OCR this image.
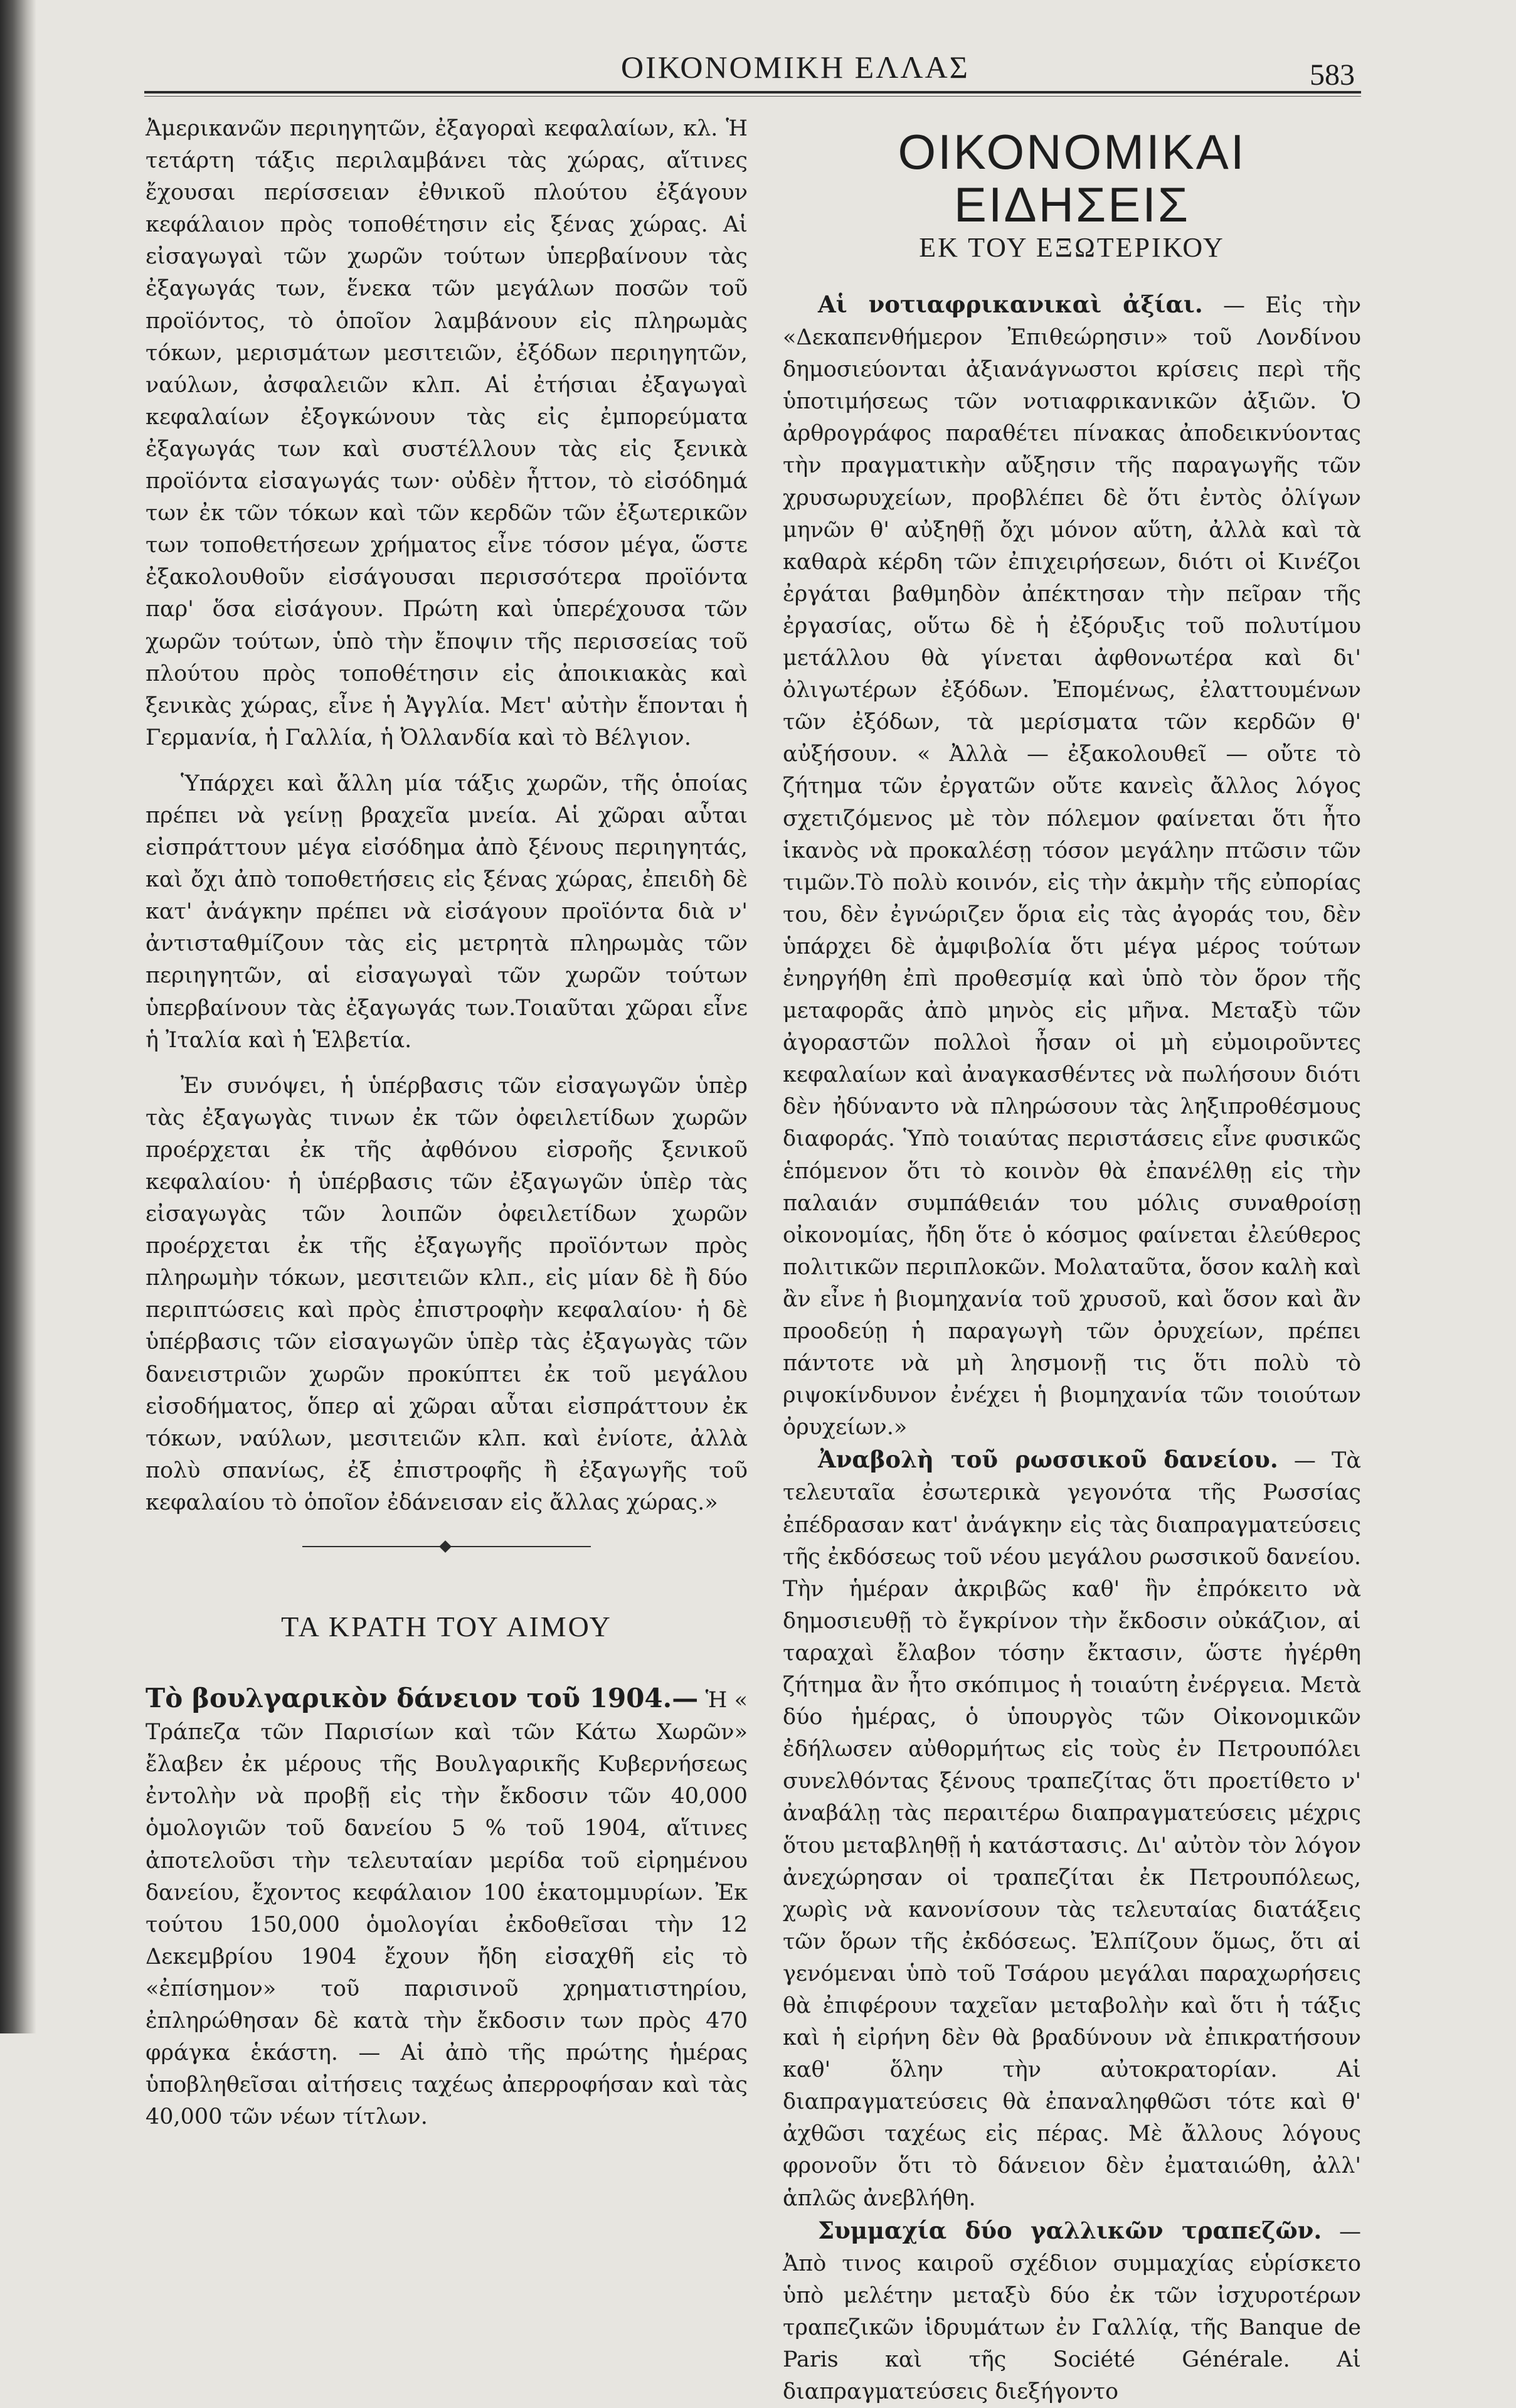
ΟΙΚΟΝΟΜΙΚΗ ΕΛΛΑΣ	583

Ἀμερικανῶν περιηγητῶν, ἐξαγοραὶ κεφαλαίων, κλ. Ἡ τετάρτη τάξις περιλαμβάνει τὰς χώρας, αἵτινες ἔχουσαι περίσσειαν ἐθνικοῦ πλούτου ἐξάγουν κεφάλαιον πρὸς τοποθέτησιν εἰς ξένας χώρας. Αἱ εἰσαγωγαὶ τῶν χωρῶν τούτων ὑπερβαίνουν τὰς ἐξαγωγάς των, ἕνεκα τῶν μεγάλων ποσῶν τοῦ προϊόντος, τὸ ὁποῖον λαμβάνουν εἰς πληρωμὰς τόκων, μερισμάτων μεσιτειῶν, ἐξόδων περιηγητῶν, ναύλων, ἀσφαλειῶν κλπ. Αἱ ἐτήσιαι ἐξαγωγαὶ κεφαλαίων ἐξογκώνουν τὰς εἰς ἐμπορεύματα ἐξαγωγάς των καὶ συστέλλουν τὰς εἰς ξενικὰ προϊόντα εἰσαγωγάς των· οὐδὲν ἧττον, τὸ εἰσόδημά των ἐκ τῶν τόκων καὶ τῶν κερδῶν τῶν ἐξωτερικῶν των τοποθετήσεων χρήματος εἶνε τόσον μέγα, ὥστε ἐξακολουθοῦν εἰσάγουσαι περισσότερα προϊόντα παρ' ὅσα εἰσάγουν. Πρώτη καὶ ὑπερέχουσα τῶν χωρῶν τούτων, ὑπὸ τὴν ἔποψιν τῆς περισσείας τοῦ πλούτου πρὸς τοποθέτησιν εἰς ἀποικιακὰς καὶ ξενικὰς χώρας, εἶνε ἡ Ἀγγλία. Μετ' αὐτὴν ἕπονται ἡ Γερμανία, ἡ Γαλλία, ἡ Ὀλλανδία καὶ τὸ Βέλγιον.

Ὑπάρχει καὶ ἄλλη μία τάξις χωρῶν, τῆς ὁποίας πρέπει νὰ γείνῃ βραχεῖα μνεία. Αἱ χῶραι αὗται εἰσπράττουν μέγα εἰσόδημα ἀπὸ ξένους περιηγητάς, καὶ ὄχι ἀπὸ τοποθετήσεις εἰς ξένας χώρας, ἐπειδὴ δὲ κατ' ἀνάγκην πρέπει νὰ εἰσάγουν προϊόντα διὰ ν' ἀντισταθμίζουν τὰς εἰς μετρητὰ πληρωμὰς τῶν περιηγητῶν, αἱ εἰσαγωγαὶ τῶν χωρῶν τούτων ὑπερβαίνουν τὰς ἐξαγωγάς των.Τοιαῦται χῶραι εἶνε ἡ Ἰταλία καὶ ἡ Ἑλβετία.

Ἐν συνόψει, ἡ ὑπέρβασις τῶν εἰσαγωγῶν ὑπὲρ τὰς ἐξαγωγὰς τινων ἐκ τῶν ὀφειλετίδων χωρῶν προέρχεται ἐκ τῆς ἀφθόνου εἰσροῆς ξενικοῦ κεφαλαίου· ἡ ὑπέρβασις τῶν ἐξαγωγῶν ὑπὲρ τὰς εἰσαγωγὰς τῶν λοιπῶν ὀφειλετίδων χωρῶν προέρχεται ἐκ τῆς ἐξαγωγῆς προϊόντων πρὸς πληρωμὴν τόκων, μεσιτειῶν κλπ., εἰς μίαν δὲ ἢ δύο περιπτώσεις καὶ πρὸς ἐπιστροφὴν κεφαλαίου· ἡ δὲ ὑπέρβασις τῶν εἰσαγωγῶν ὑπὲρ τὰς ἐξαγωγὰς τῶν δανειστριῶν χωρῶν προκύπτει ἐκ τοῦ μεγάλου εἰσοδήματος, ὅπερ αἱ χῶραι αὗται εἰσπράττουν ἐκ τόκων, ναύλων, μεσιτειῶν κλπ. καὶ ἐνίοτε, ἀλλὰ πολὺ σπανίως, ἐξ ἐπιστροφῆς ἢ ἐξαγωγῆς τοῦ κεφαλαίου τὸ ὁποῖον ἐδάνεισαν εἰς ἄλλας χώρας.»

ΤΑ ΚΡΑΤΗ ΤΟΥ ΑΙΜΟΥ

Τὸ βουλγαρικὸν δάνειον τοῦ 1904.— Ἡ « Τράπεζα τῶν Παρισίων καὶ τῶν Κάτω Χωρῶν» ἔλαβεν ἐκ μέρους τῆς Βουλγαρικῆς Κυβερνήσεως ἐντολὴν νὰ προβῇ εἰς τὴν ἔκδοσιν τῶν 40,000 ὁμολογιῶν τοῦ δανείου 5 % τοῦ 1904, αἵτινες ἀποτελοῦσι τὴν τελευταίαν μερίδα τοῦ εἰρημένου δανείου, ἔχοντος κεφάλαιον 100 ἑκατομμυρίων. Ἐκ τούτου 150,000 ὁμολογίαι ἐκδοθεῖσαι τὴν 12 Δεκεμβρίου 1904 ἔχουν ἤδη εἰσαχθῆ εἰς τὸ «ἐπίσημον» τοῦ παρισινοῦ χρηματιστηρίου, ἐπληρώθησαν δὲ κατὰ τὴν ἔκδοσιν των πρὸς 470 φράγκα ἑκάστη. — Αἱ ἀπὸ τῆς πρώτης ἡμέρας ὑποβληθεῖσαι αἰτήσεις ταχέως ἀπερροφήσαν καὶ τὰς 40,000 τῶν νέων τίτλων.

ΟΙΚΟΝΟΜΙΚΑΙ ΕΙΔΗΣΕΙΣ
ΕΚ ΤΟΥ ΕΞΩΤΕΡΙΚΟΥ

Αἱ νοτιαφρικανικαὶ ἀξίαι. — Εἰς τὴν «Δεκαπενθήμερον Ἐπιθεώρησιν» τοῦ Λονδίνου δημοσιεύονται ἀξιανάγνωστοι κρίσεις περὶ τῆς ὑποτιμήσεως τῶν νοτιαφρικανικῶν ἀξιῶν. Ὁ ἀρθρογράφος παραθέτει πίνακας ἀποδεικνύοντας τὴν πραγματικὴν αὔξησιν τῆς παραγωγῆς τῶν χρυσωρυχείων, προβλέπει δὲ ὅτι ἐντὸς ὀλίγων μηνῶν θ' αὐξηθῇ ὄχι μόνον αὕτη, ἀλλὰ καὶ τὰ καθαρὰ κέρδη τῶν ἐπιχειρήσεων, διότι οἱ Κινέζοι ἐργάται βαθμηδὸν ἀπέκτησαν τὴν πεῖραν τῆς ἐργασίας, οὕτω δὲ ἡ ἐξόρυξις τοῦ πολυτίμου μετάλλου θὰ γίνεται ἀφθονωτέρα καὶ δι' ὀλιγωτέρων ἐξόδων. Ἐπομένως, ἐλαττουμένων τῶν ἐξόδων, τὰ μερίσματα τῶν κερδῶν θ' αὐξήσουν. « Ἀλλὰ — ἐξακολουθεῖ — οὔτε τὸ ζήτημα τῶν ἐργατῶν οὔτε κανεὶς ἄλλος λόγος σχετιζόμενος μὲ τὸν πόλεμον φαίνεται ὅτι ἦτο ἱκανὸς νὰ προκαλέσῃ τόσον μεγάλην πτῶσιν τῶν τιμῶν.Τὸ πολὺ κοινόν, εἰς τὴν ἀκμὴν τῆς εὐπορίας του, δὲν ἐγνώριζεν ὅρια εἰς τὰς ἀγοράς του, δὲν ὑπάρχει δὲ ἀμφιβολία ὅτι μέγα μέρος τούτων ἐνηργήθη ἐπὶ προθεσμίᾳ καὶ ὑπὸ τὸν ὅρον τῆς μεταφορᾶς ἀπὸ μηνὸς εἰς μῆνα. Μεταξὺ τῶν ἀγοραστῶν πολλοὶ ἦσαν οἱ μὴ εὐμοιροῦντες κεφαλαίων καὶ ἀναγκασθέντες νὰ πωλήσουν διότι δὲν ἠδύναντο νὰ πληρώσουν τὰς ληξιπροθέσμους διαφοράς. Ὑπὸ τοιαύτας περιστάσεις εἶνε φυσικῶς ἑπόμενον ὅτι τὸ κοινὸν θὰ ἐπανέλθῃ εἰς τὴν παλαιάν συμπάθειάν του μόλις συναθροίσῃ οἰκονομίας, ἤδη ὅτε ὁ κόσμος φαίνεται ἐλεύθερος πολιτικῶν περιπλοκῶν. Μολαταῦτα, ὅσον καλὴ καὶ ἂν εἶνε ἡ βιομηχανία τοῦ χρυσοῦ, καὶ ὅσον καὶ ἂν προοδεύῃ ἡ παραγωγὴ τῶν ὀρυχείων, πρέπει πάντοτε νὰ μὴ λησμονῇ τις ὅτι πολὺ τὸ ριψοκίνδυνον ἐνέχει ἡ βιομηχανία τῶν τοιούτων ὀρυχείων.»

Ἀναβολὴ τοῦ ρωσσικοῦ δανείου. — Τὰ τελευταῖα ἐσωτερικὰ γεγονότα τῆς Ρωσσίας ἐπέδρασαν κατ' ἀνάγκην εἰς τὰς διαπραγματεύσεις τῆς ἐκδόσεως τοῦ νέου μεγάλου ρωσσικοῦ δανείου. Τὴν ἡμέραν ἀκριβῶς καθ' ἣν ἐπρόκειτο νὰ δημοσιευθῇ τὸ ἔγκρίνον τὴν ἔκδοσιν οὐκάζιον, αἱ ταραχαὶ ἔλαβον τόσην ἔκτασιν, ὥστε ἠγέρθη ζήτημα ἂν ἦτο σκόπιμος ἡ τοιαύτη ἐνέργεια. Μετὰ δύο ἡμέρας, ὁ ὑπουργὸς τῶν Οἰκονομικῶν ἐδήλωσεν αὐθορμήτως εἰς τοὺς ἐν Πετρουπόλει συνελθόντας ξένους τραπεζίτας ὅτι προετίθετο ν' ἀναβάλῃ τὰς περαιτέρω διαπραγματεύσεις μέχρις ὅτου μεταβληθῇ ἡ κατάστασις. Δι' αὐτὸν τὸν λόγον ἀνεχώρησαν οἱ τραπεζίται ἐκ Πετρουπόλεως, χωρὶς νὰ κανονίσουν τὰς τελευταίας διατάξεις τῶν ὅρων τῆς ἐκδόσεως. Ἐλπίζουν ὅμως, ὅτι αἱ γενόμεναι ὑπὸ τοῦ Τσάρου μεγάλαι παραχωρήσεις θὰ ἐπιφέρουν ταχεῖαν μεταβολὴν καὶ ὅτι ἡ τάξις καὶ ἡ εἰρήνη δὲν θὰ βραδύνουν νὰ ἐπικρατήσουν καθ' ὅλην τὴν αὐτοκρατορίαν. Αἱ διαπραγματεύσεις θὰ ἐπαναληφθῶσι τότε καὶ θ' ἀχθῶσι ταχέως εἰς πέρας. Μὲ ἄλλους λόγους φρονοῦν ὅτι τὸ δάνειον δὲν ἐματαιώθη, ἀλλ' ἁπλῶς ἀνεβλήθη.

Συμμαχία δύο γαλλικῶν τραπεζῶν. — Ἀπὸ τινος καιροῦ σχέδιον συμμαχίας εὑρίσκετο ὑπὸ μελέτην μεταξὺ δύο ἐκ τῶν ἰσχυροτέρων τραπεζικῶν ἱδρυμάτων ἐν Γαλλίᾳ, τῆς Banque de Paris καὶ τῆς Société Générale. Αἱ διαπραγματεύσεις διεξήγοντο
